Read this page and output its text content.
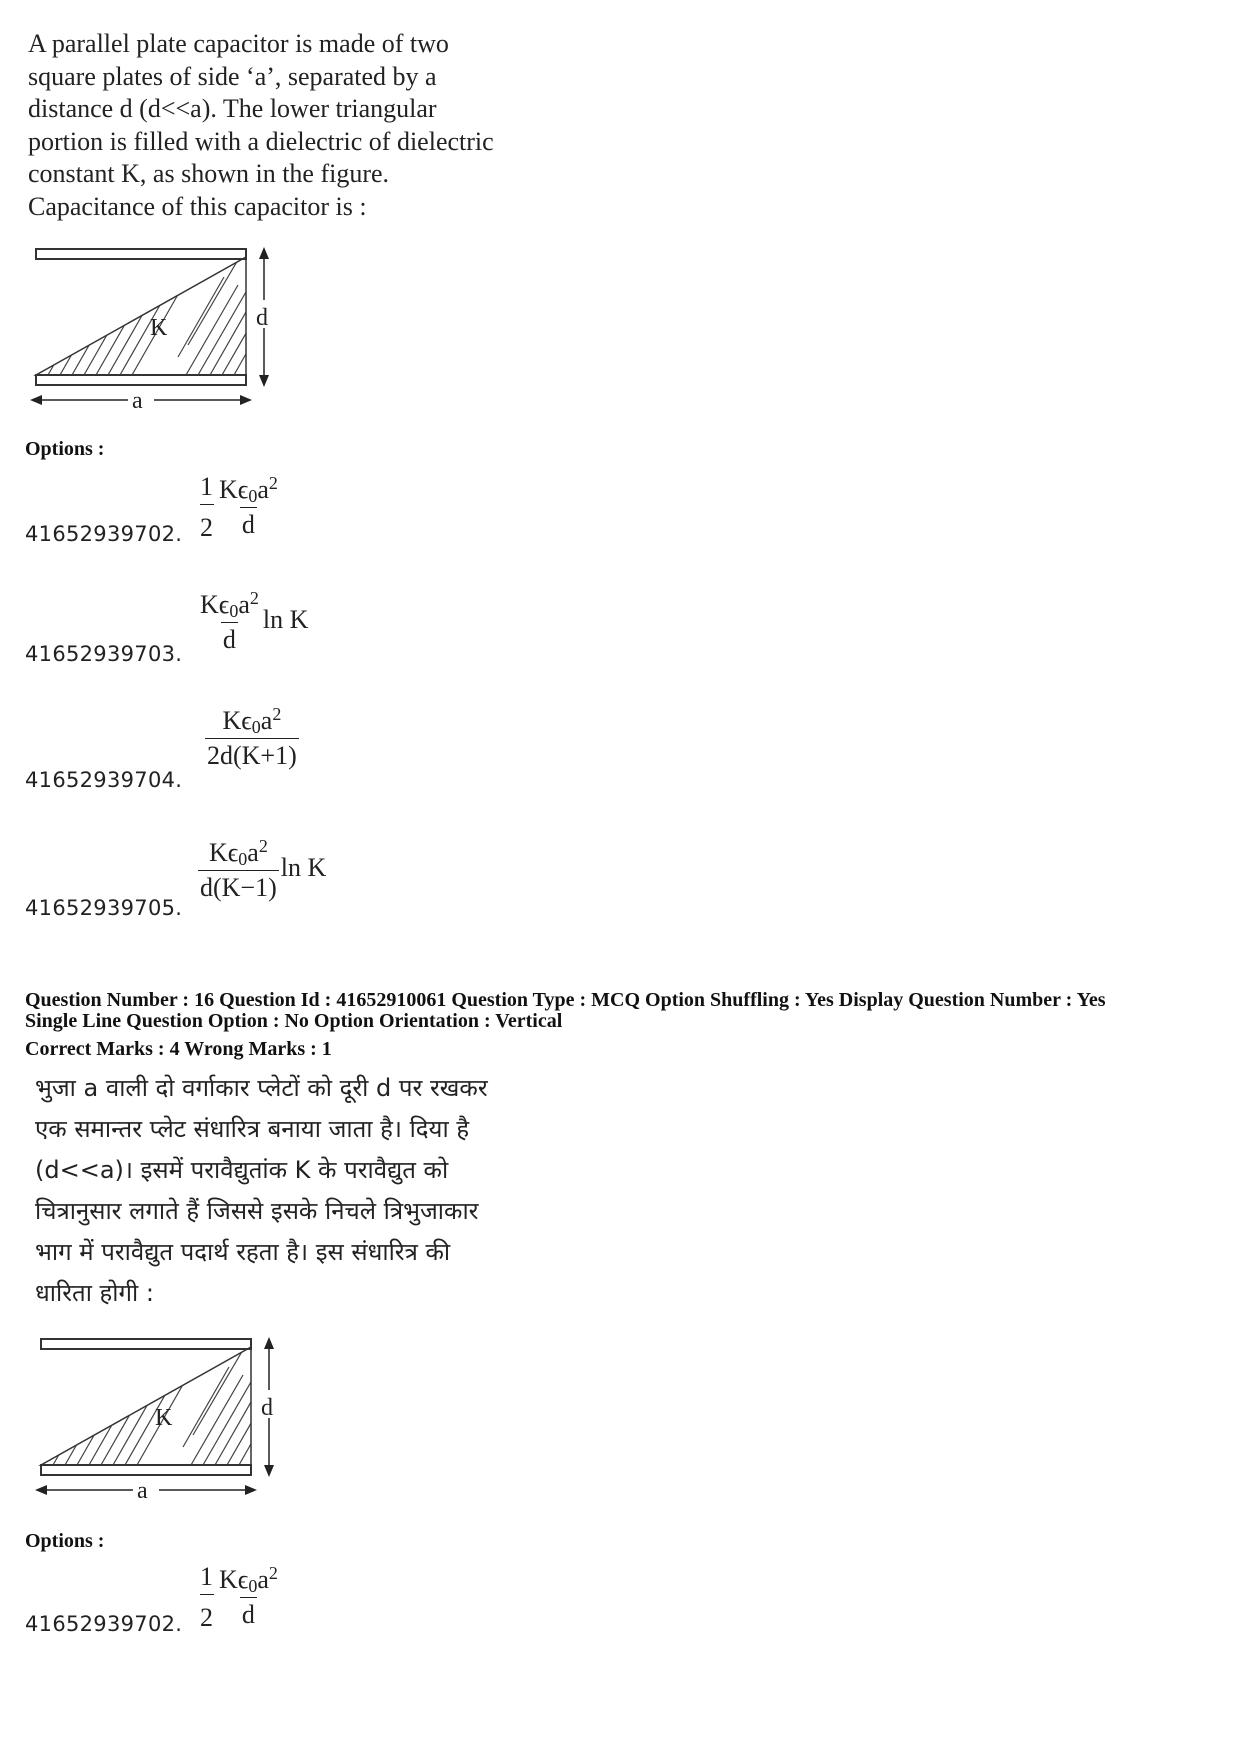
A parallel plate capacitor is made of two
square plates of side ‘a’, separated by a
distance d (d<<a). The lower triangular
portion is filled with a dielectric of dielectric
constant K, as shown in the figure.
Capacitance of this capacitor is :
K	d
a
Options :
41652939702. $\frac{1}{2} \frac{K\epsilon_0a^2}{d}$
41652939703. $\frac{K\epsilon_0a^2}{d}$ ln K
41652939704.
$\frac{K\epsilon_0a^2}{2d(K+1)}$
41652939705.
$\frac{K\epsilon_0a^2}{d(K-1)}$ ln K
Question Number : 16 Question Id : 41652910061 Question Type : MCQ Option Shuffling : Yes Display Question Number : Yes
Single Line Question Option : No Option Orientation : Vertical
Correct Marks : 4 Wrong Marks : 1
भुजा a वाली दो वर्गाकार प्लेटों को दूरी d पर रखकर
एक समान्तर प्लेट संधारित्र बनाया जाता है। दिया है
(d<<a)। इसमें परावैद्युतांक K के परावैद्युत को
चित्रानुसार लगाते हैं जिससे इसके निचले त्रिभुजाकार
भाग में परावैद्युत पदार्थ रहता है। इस संधारित्र की
धारिता होगी :
K	d
a
Options :
41652939702. $\frac{1}{2} \frac{K\epsilon_0a^2}{d}$
